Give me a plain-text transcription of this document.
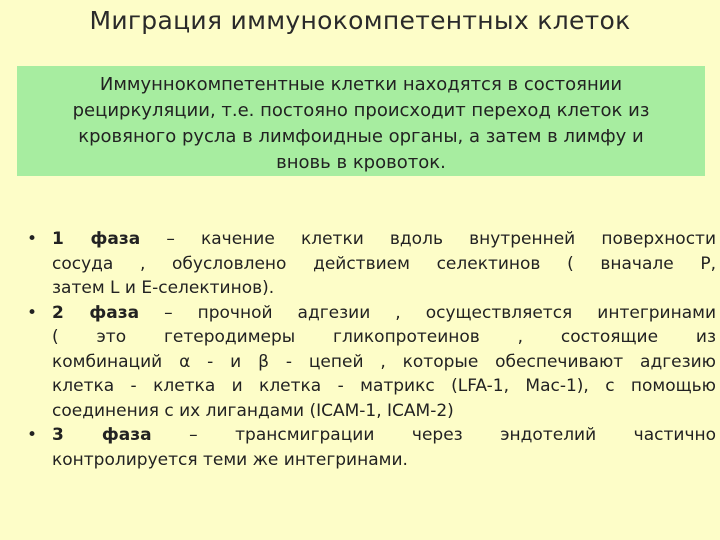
Миграция иммунокомпетентных клеток
Иммуннокомпетентные клетки находятся в состоянии
рециркуляции, т.е. постояно происходит переход клеток из
кровяного русла в лимфоидные органы, а затем в лимфу и
вновь в кровоток.
• 1 фаза – качение клетки вдоль внутренней поверхности
сосуда , обусловлено действием селектинов ( вначале P,
затем L и E-селектинов).
• 2 фаза – прочной адгезии , осуществляется интегринами
( это гетеродимеры гликопротеинов , состоящие из
комбинаций α - и β - цепей , которые обеспечивают адгезию
клетка - клетка и клетка - матрикс (LFA-1, Mac-1), с помощью
соединения с их лигандами (ICAM-1, ICAM-2)
• 3 фаза – трансмиграции через эндотелий частично
контролируется теми же интегринами.
